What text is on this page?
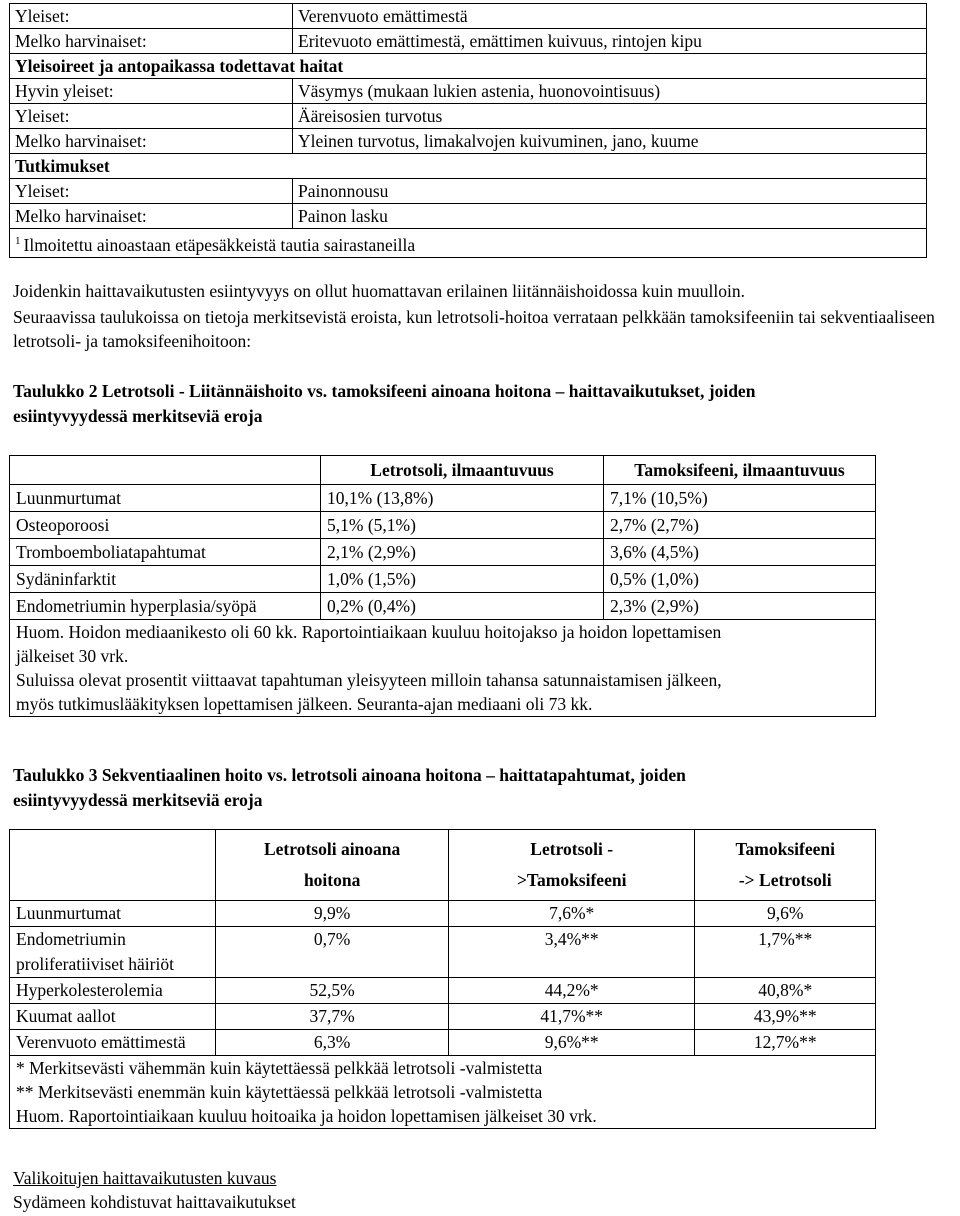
Yleiset:	Verenvuoto emättimestä
Melko harvinaiset:	Eritevuoto emättimestä, emättimen kuivuus, rintojen kipu
Yleisoireet ja antopaikassa todettavat haitat	
Hyvin yleiset:	Väsymys (mukaan lukien astenia, huonovointisuus)
Yleiset:	Ääreisosien turvotus
Melko harvinaiset:	Yleinen turvotus, limakalvojen kuivuminen, jano, kuume
Tutkimukset	
Yleiset:	Painonnousu
Melko harvinaiset:	Painon lasku
$^1$ Ilmoitettu ainoastaan etäpesäkkeistä tautia sairastaneilla	
Joidenkin haittavaikutusten esiintyvyys on ollut huomattavan erilainen liitännäishoidossa kuin muulloin.
Seuraavissa taulukoissa on tietoja merkitsevistä eroista, kun letrotsoli-hoitoa verrataan pelkkään tamoksifeeniin tai sekventiaaliseen letrotsoli- ja tamoksifeenihoitoon:
Taulukko 2 Letrotsoli - Liitännäishoito vs. tamoksifeeni ainoana hoitona – haittavaikutukset, joiden
esiintyvyydessä merkitseviä eroja
	Letrotsoli, ilmaantuvuus	Tamoksifeeni, ilmaantuvuus
Luunmurtumat	10,1% (13,8%)	7,1% (10,5%)
Osteoporoosi	5,1% (5,1%)	2,7% (2,7%)
Tromboemboliatapahtumat	2,1% (2,9%)	3,6% (4,5%)
Sydäninfarktit	1,0% (1,5%)	0,5% (1,0%)
Endometriumin hyperplasia/syöpä	0,2% (0,4%)	2,3% (2,9%)

Huom. Hoidon mediaanikesto oli 60 kk. Raportointiaikaan kuuluu hoitojakso ja hoidon lopettamisen jälkeiset 30 vrk.
Suluissa olevat prosentit viittaavat tapahtuman yleisyyteen milloin tahansa satunnaistamisen jälkeen, myös tutkimuslääkityksen lopettamisen jälkeen. Seuranta-ajan mediaani oli 73 kk.		
Taulukko 3 Sekventiaalinen hoito vs. letrotsoli ainoana hoitona – haittatapahtumat, joiden
esiintyvyydessä merkitseviä eroja
	Letrotsoli ainoana hoitona	Letrotsoli - >Tamoksifeeni	Tamoksifeeni -> Letrotsoli
Luunmurtumat	9,9%	7,6%*	9,6%
Endometriumin proliferatiiviset häiriöt	0,7%	3,4%**	1,7%**
Hyperkolesterolemia	52,5%	44,2%*	40,8%*
Kuumat aallot	37,7%	41,7%**	43,9%**
Verenvuoto emättimestä	6,3%	9,6%**	12,7%**

* Merkitsevästi vähemmän kuin käytettäessä pelkkää letrotsoli -valmistetta
** Merkitsevästi enemmän kuin käytettäessä pelkkää letrotsoli -valmistetta
Huom. Raportointiaikaan kuuluu hoitoaika ja hoidon lopettamisen jälkeiset 30 vrk.			
Valikoitujen haittavaikutusten kuvaus
Sydämeen kohdistuvat haittavaikutukset
